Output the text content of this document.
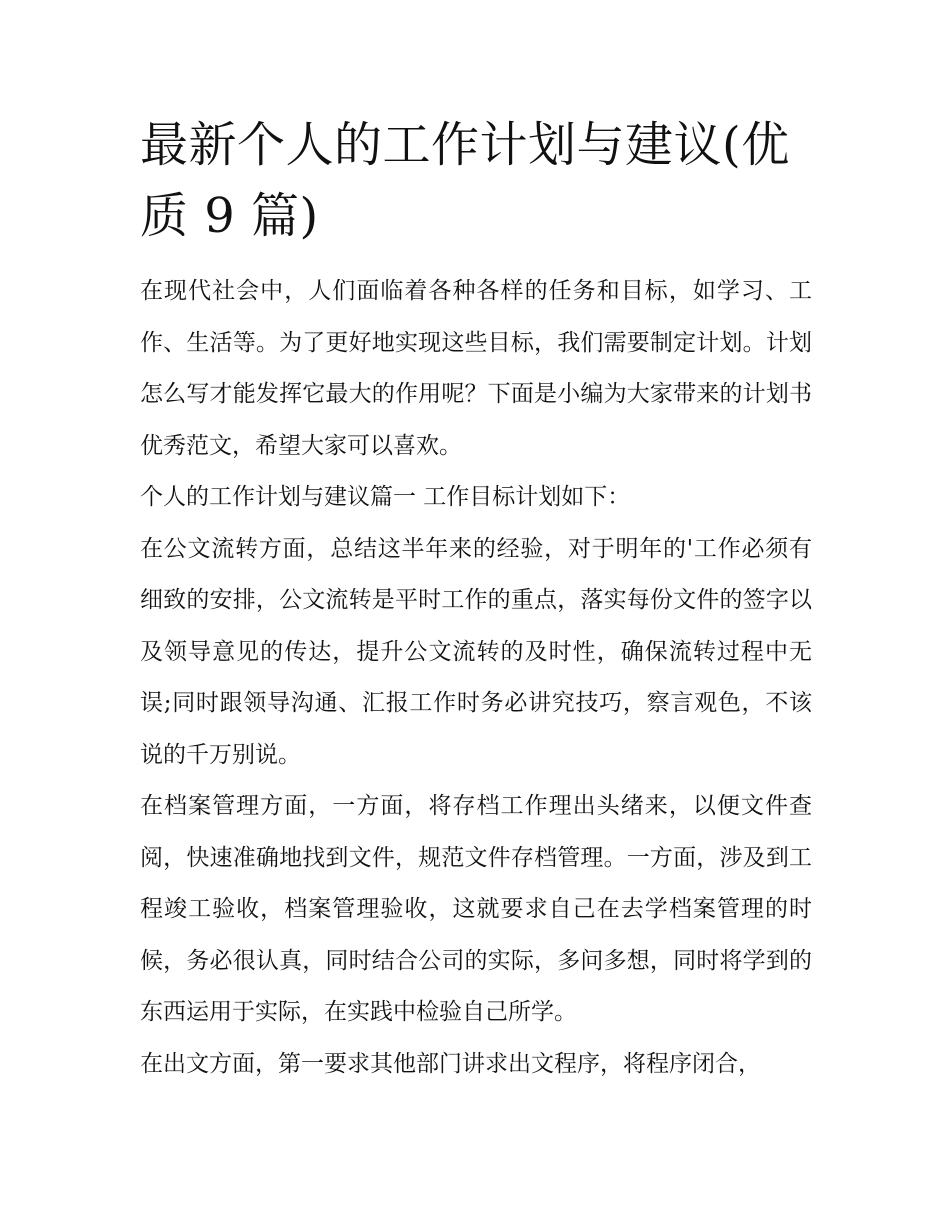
最新个人的工作计划与建议(优质 9 篇)

在现代社会中，人们面临着各种各样的任务和目标，如学习、工作、生活等。为了更好地实现这些目标，我们需要制定计划。计划怎么写才能发挥它最大的作用呢？下面是小编为大家带来的计划书优秀范文，希望大家可以喜欢。

个人的工作计划与建议篇一 工作目标计划如下：

在公文流转方面，总结这半年来的经验，对于明年的'工作必须有细致的安排，公文流转是平时工作的重点，落实每份文件的签字以及领导意见的传达，提升公文流转的及时性，确保流转过程中无误;同时跟领导沟通、汇报工作时务必讲究技巧，察言观色，不该说的千万别说。

在档案管理方面，一方面，将存档工作理出头绪来，以便文件查阅，快速准确地找到文件，规范文件存档管理。一方面，涉及到工程竣工验收，档案管理验收，这就要求自己在去学档案管理的时候，务必很认真，同时结合公司的实际，多问多想，同时将学到的东西运用于实际，在实践中检验自己所学。

在出文方面，第一要求其他部门讲求出文程序，将程序闭合，
